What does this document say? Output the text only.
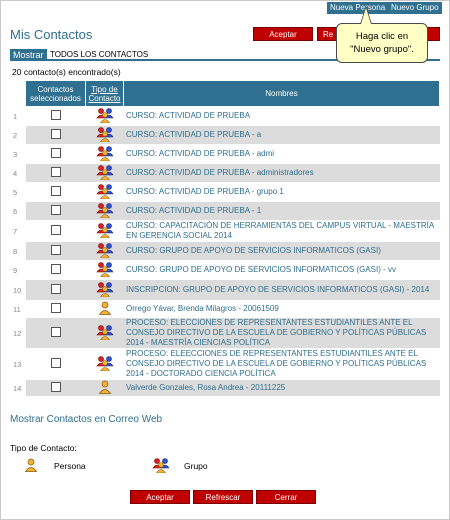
Nueva Persona Nuevo Grupo
Mis Contactos	Aceptar	Re	Haga clic en
"Nuevo grupo".
Mostrar TODOS LOS CONTACTOS
20 contacto(s) encontrado(s)
	Contactos seleccionados	Tipo de Contacto	Nombres
1			CURSO: ACTIVIDAD DE PRUEBA
2			CURSO: ACTIVIDAD DE PRUEBA - a
3			CURSO: ACTIVIDAD DE PRUEBA - admi
4			CURSO: ACTIVIDAD DE PRUEBA - administradores
5			CURSO: ACTIVIDAD DE PRUEBA - grupo 1
6			CURSO: ACTIVIDAD DE PRUEBA - 1
7			CURSO: CAPACITACIÓN DE HERRAMIENTAS DEL CAMPUS VIRTUAL - MAESTRÍA EN GERENCIA SOCIAL 2014
8			CURSO: GRUPO DE APOYO DE SERVICIOS INFORMATICOS (GASI)
9			CURSO: GRUPO DE APOYO DE SERVICIOS INFORMATICOS (GASI) - vv
10			INSCRIPCION: GRUPO DE APOYO DE SERVICIOS INFORMATICOS (GASI) - 2014
11			Orrego Yávar, Brenda Milagros - 20061509
12			PROCESO: ELECCIONES DE REPRESENTANTES ESTUDIANTILES ANTE EL CONSEJO DIRECTIVO DE LA ESCUELA DE GOBIERNO Y POLÍTICAS PÚBLICAS 2014 - MAESTRÍA CIENCIAS POLÍTICA
13			PROCESO: ELEECCIONES DE REPRESENTANTES ESTUDIANTILES ANTE EL CONSEJO DIRECTIVO DE LA ESCUELA DE GOBIERNO Y POLÍTICAS PÚBLICAS 2014 - DOCTORADO CIENCIA POLÍTICA
14			Valverde Gonzales, Rosa Andrea - 20111225
Mostrar Contactos en Correo Web
Tipo de Contacto:
Persona	Grupo
Aceptar	Refrescar	Cerrar
